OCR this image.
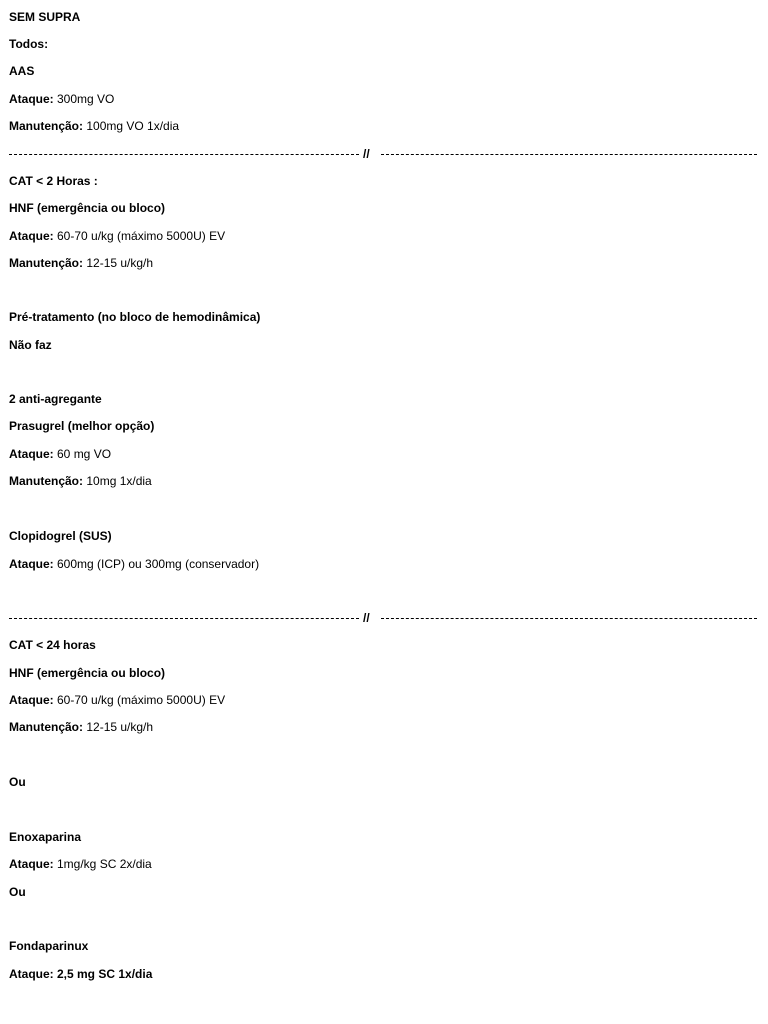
SEM SUPRA
Todos:
AAS
Ataque: 300mg VO
Manutenção: 100mg VO 1x/dia
//
CAT < 2 Horas :
HNF (emergência ou bloco)
Ataque: 60-70 u/kg (máximo 5000U) EV
Manutenção: 12-15 u/kg/h
Pré-tratamento (no bloco de hemodinâmica)
Não faz
2 anti-agregante
Prasugrel (melhor opção)
Ataque: 60 mg VO
Manutenção: 10mg 1x/dia
Clopidogrel (SUS)
Ataque: 600mg (ICP) ou 300mg (conservador)
//
CAT < 24 horas
HNF (emergência ou bloco)
Ataque: 60-70 u/kg (máximo 5000U) EV
Manutenção: 12-15 u/kg/h
Ou
Enoxaparina
Ataque: 1mg/kg SC 2x/dia
Ou
Fondaparinux
Ataque: 2,5 mg SC 1x/dia
